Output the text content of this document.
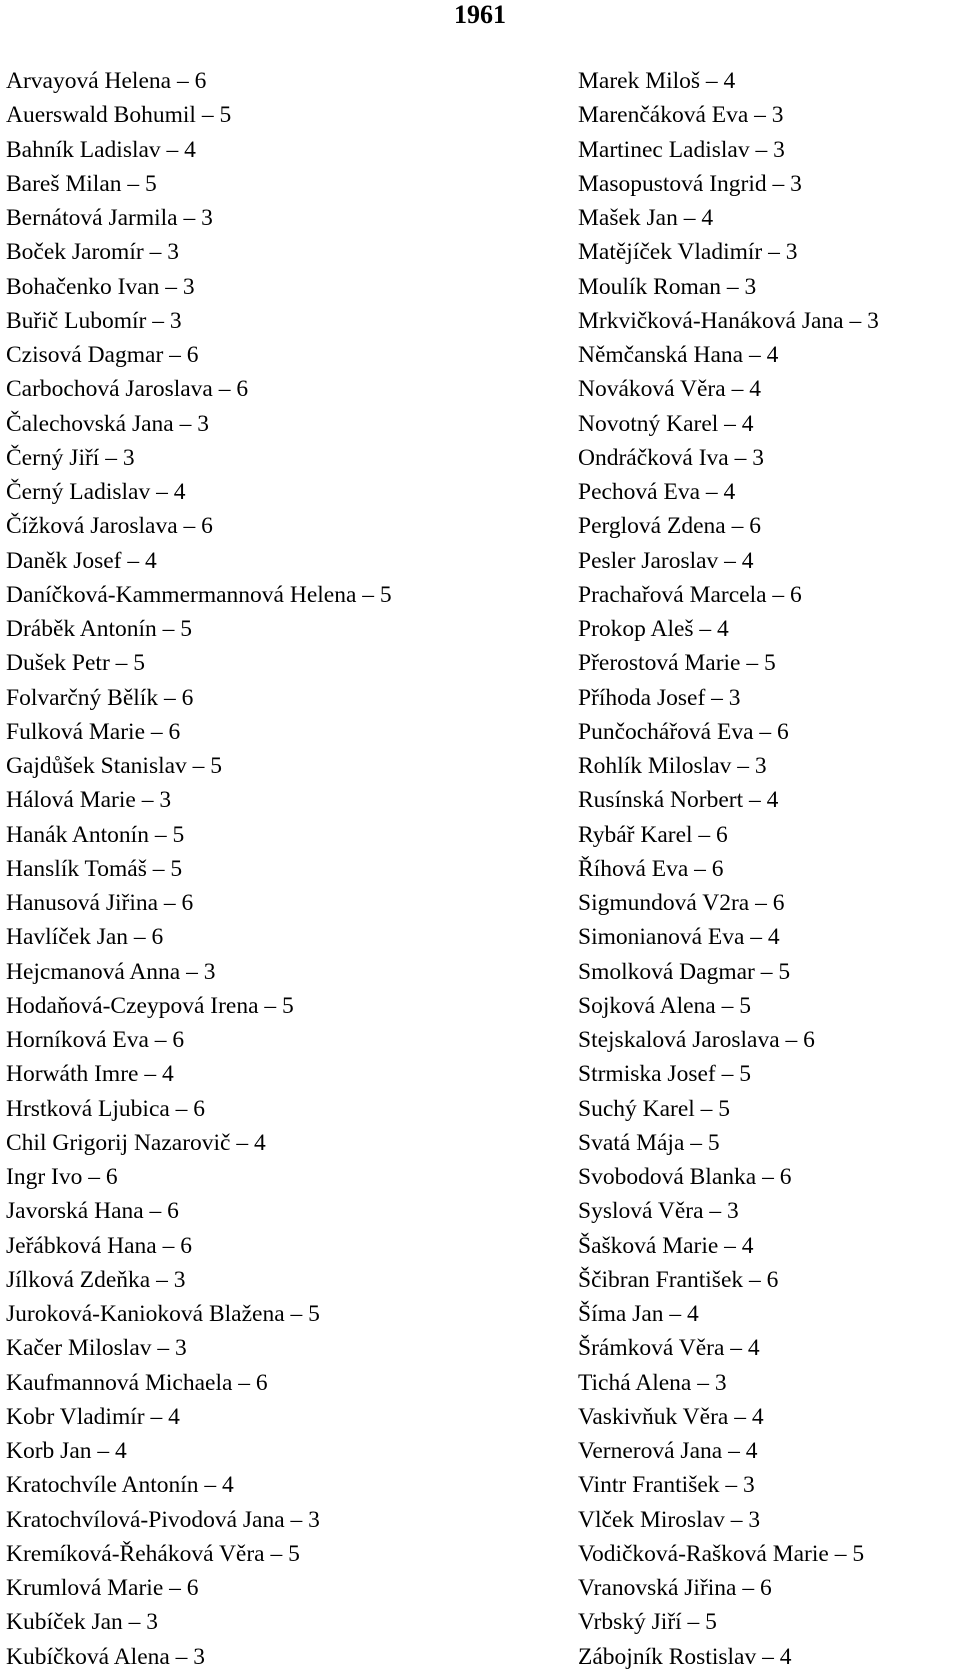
1961
Arvayová Helena – 6
Auerswald Bohumil – 5
Bahník Ladislav – 4
Bareš Milan – 5
Bernátová Jarmila – 3
Boček Jaromír – 3
Bohačenko Ivan – 3
Buřič Lubomír – 3
Czisová Dagmar – 6
Carbochová Jaroslava – 6
Čalechovská Jana – 3
Černý Jiří – 3
Černý Ladislav – 4
Čížková Jaroslava – 6
Daněk Josef – 4
Daníčková-Kammermannová Helena – 5
Dráběk Antonín – 5
Dušek Petr – 5
Folvarčný Bělík – 6
Fulková Marie – 6
Gajdůšek Stanislav – 5
Hálová Marie – 3
Hanák Antonín – 5
Hanslík Tomáš – 5
Hanusová Jiřina – 6
Havlíček Jan – 6
Hejcmanová Anna – 3
Hodaňová-Czeypová Irena – 5
Horníková Eva – 6
Horwáth Imre – 4
Hrstková Ljubica – 6
Chil Grigorij Nazarovič – 4
Ingr Ivo – 6
Javorská Hana – 6
Jeřábková Hana – 6
Jílková Zdeňka – 3
Juroková-Kanioková Blažena – 5
Kačer Miloslav – 3
Kaufmannová Michaela – 6
Kobr Vladimír – 4
Korb Jan – 4
Kratochvíle Antonín – 4
Kratochvílová-Pivodová Jana – 3
Kremíková-Řeháková Věra – 5
Krumlová Marie – 6
Kubíček Jan – 3
Kubíčková Alena – 3
Marek Miloš – 4
Marenčáková Eva – 3
Martinec Ladislav – 3
Masopustová Ingrid – 3
Mašek Jan – 4
Matějíček Vladimír – 3
Moulík Roman – 3
Mrkvičková-Hanáková Jana – 3
Němčanská Hana – 4
Nováková Věra – 4
Novotný Karel – 4
Ondráčková Iva – 3
Pechová Eva – 4
Perglová Zdena – 6
Pesler Jaroslav – 4
Prachařová Marcela – 6
Prokop Aleš – 4
Přerostová Marie – 5
Příhoda Josef – 3
Punčochářová Eva – 6
Rohlík Miloslav – 3
Rusínská Norbert – 4
Rybář Karel – 6
Říhová Eva – 6
Sigmundová V2ra – 6
Simonianová Eva – 4
Smolková Dagmar – 5
Sojková Alena – 5
Stejskalová Jaroslava – 6
Strmiska Josef – 5
Suchý Karel – 5
Svatá Mája – 5
Svobodová Blanka – 6
Syslová Věra – 3
Šašková Marie – 4
Ščibran František – 6
Šíma Jan – 4
Šrámková Věra – 4
Tichá Alena – 3
Vaskivňuk Věra – 4
Vernerová Jana – 4
Vintr František – 3
Vlček Miroslav – 3
Vodičková-Rašková Marie – 5
Vranovská Jiřina – 6
Vrbský Jiří – 5
Zábojník Rostislav – 4
